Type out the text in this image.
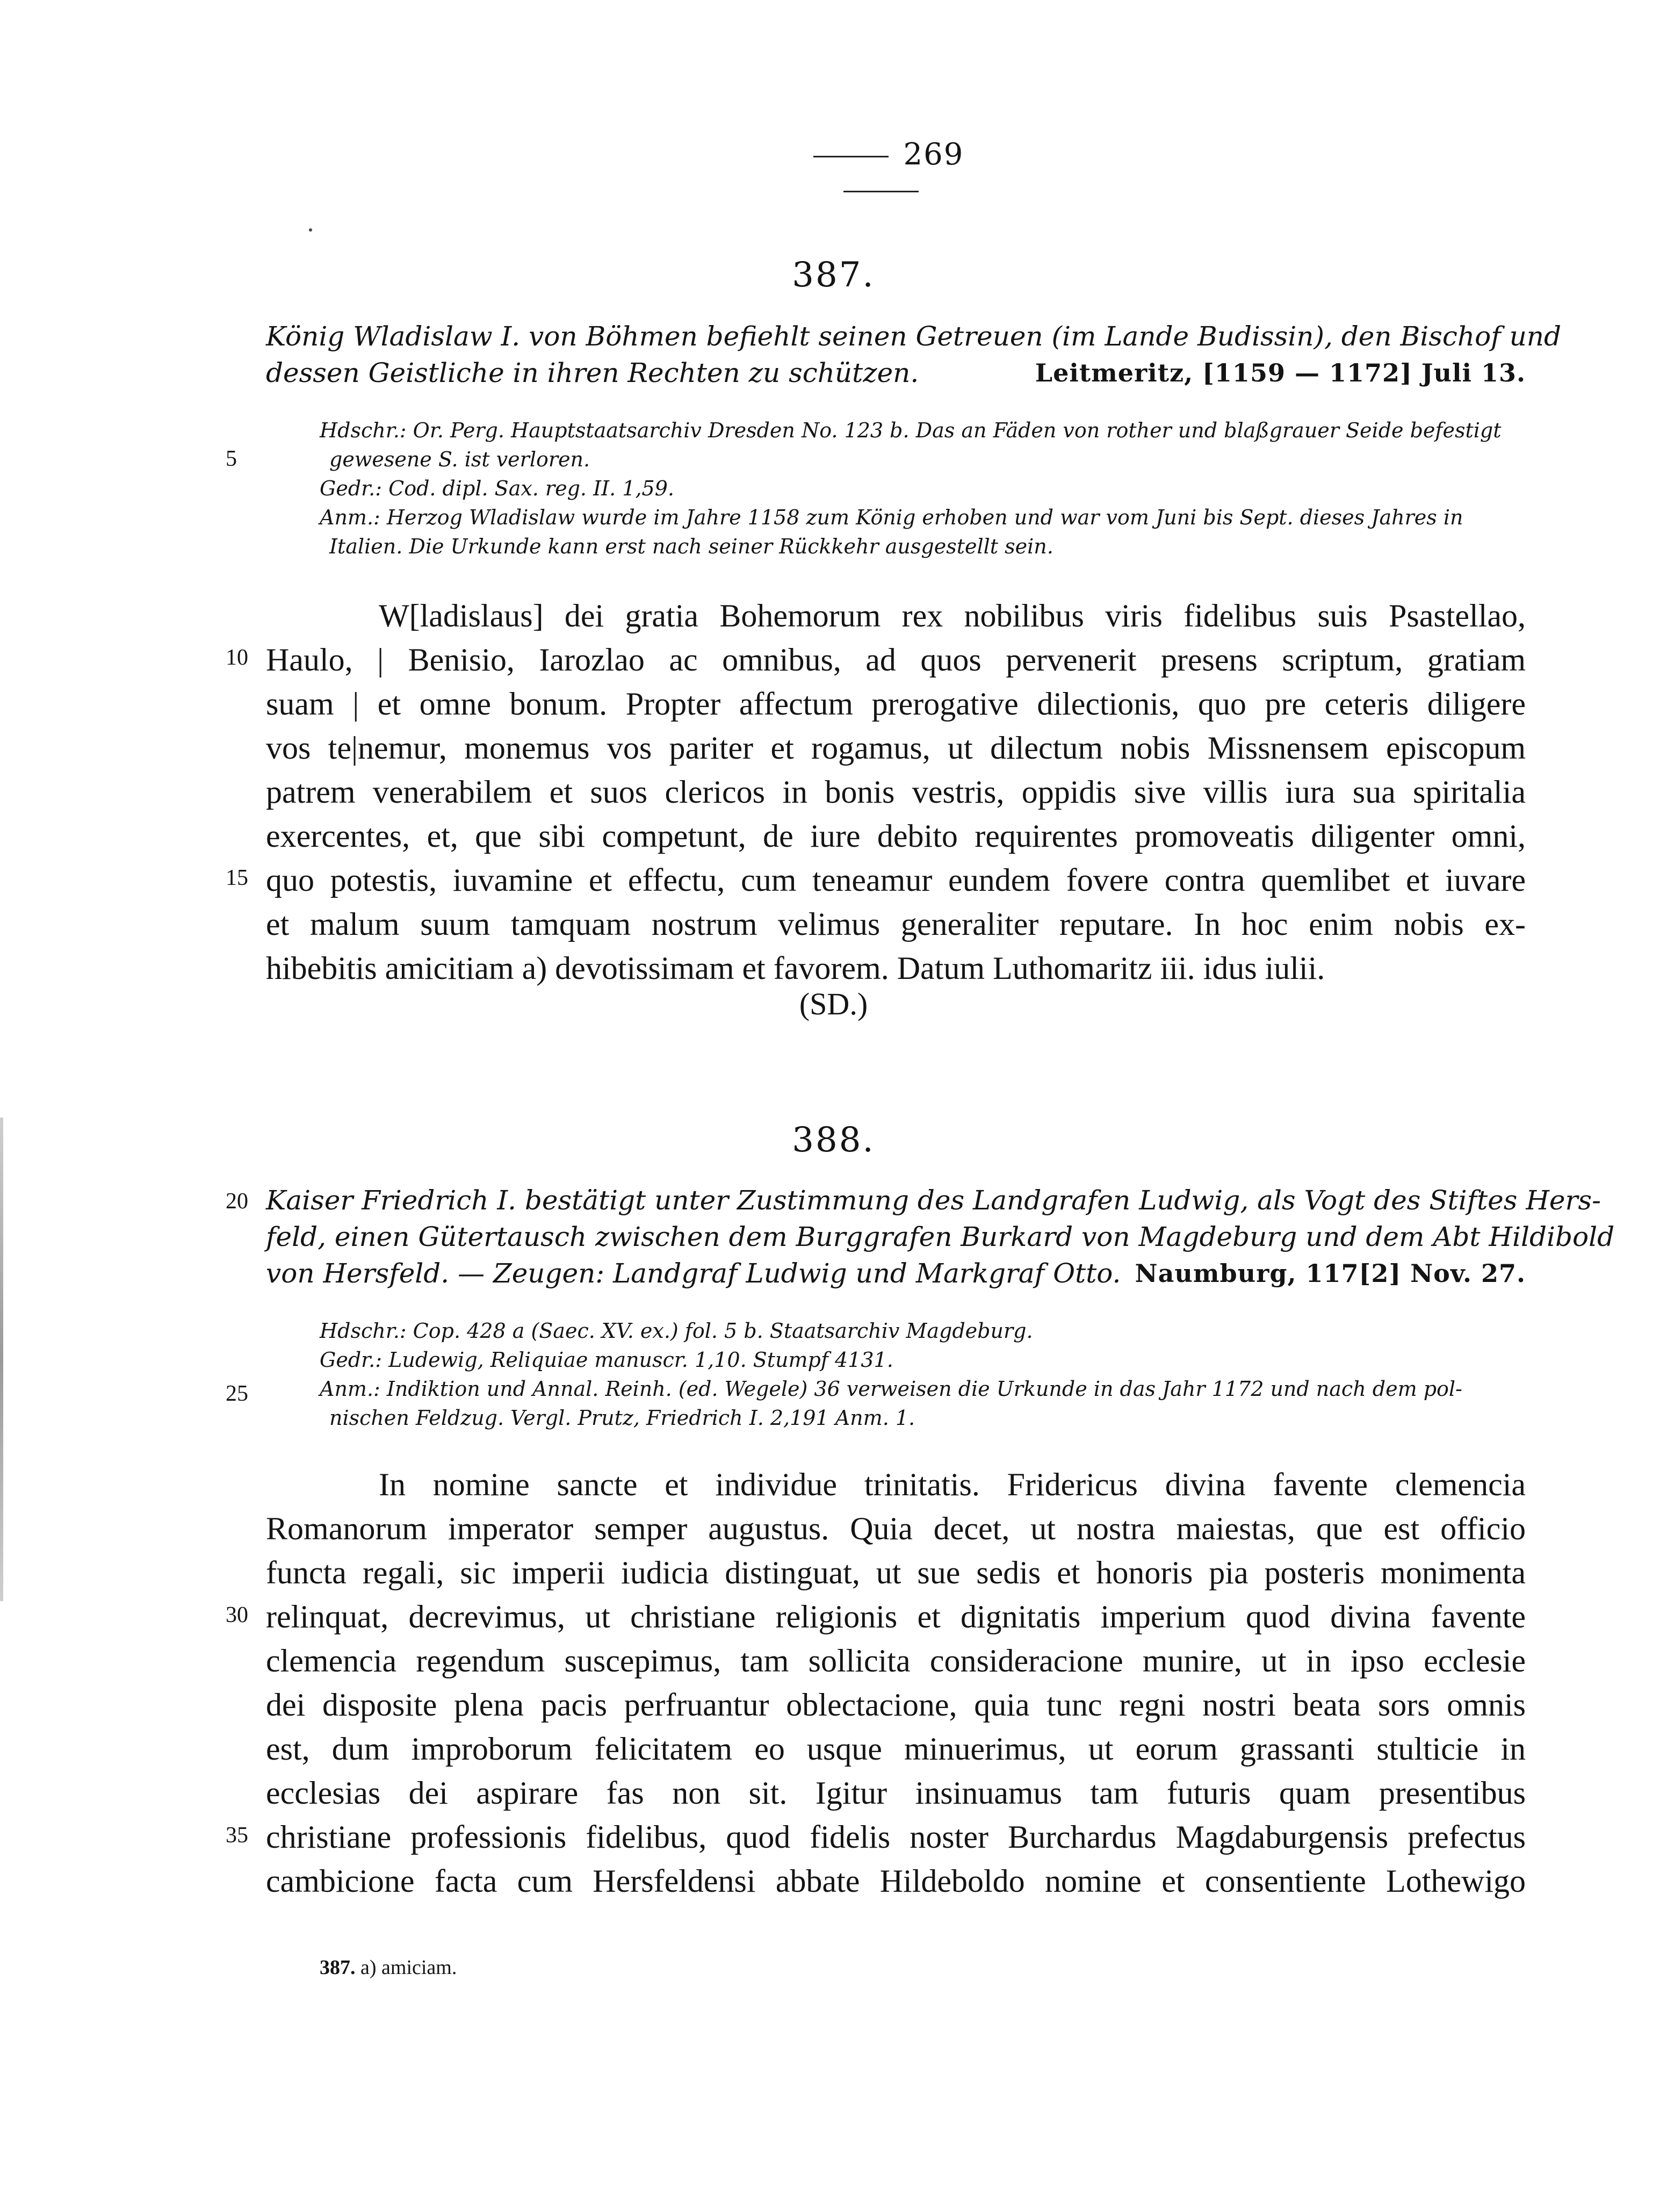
269
387.
König Wladislaw I. von Böhmen befiehlt seinen Getreuen (im Lande Budissin), den Bischof und
dessen Geistliche in ihren Rechten zu schützen.	Leitmeritz, [1159 — 1172] Juli 13.
Hdschr.: Or. Perg. Hauptstaatsarchiv Dresden No. 123 b. Das an Fäden von rother und blaßgrauer Seide befestigt
gewesene S. ist verloren.
Gedr.: Cod. dipl. Sax. reg. II. 1,59.
Anm.: Herzog Wladislaw wurde im Jahre 1158 zum König erhoben und war vom Juni bis Sept. dieses Jahres in
Italien. Die Urkunde kann erst nach seiner Rückkehr ausgestellt sein.
W[ladislaus] dei gratia Bohemorum rex nobilibus viris fidelibus suis Psastellao,
Haulo, | Benisio, Iarozlao ac omnibus, ad quos pervenerit presens scriptum, gratiam
suam | et omne bonum. Propter affectum prerogative dilectionis, quo pre ceteris diligere
vos te|nemur, monemus vos pariter et rogamus, ut dilectum nobis Missnensem episcopum
patrem venerabilem et suos clericos in bonis vestris, oppidis sive villis iura sua spiritalia
exercentes, et, que sibi competunt, de iure debito requirentes promoveatis diligenter omni,
quo potestis, iuvamine et effectu, cum teneamur eundem fovere contra quemlibet et iuvare
et malum suum tamquam nostrum velimus generaliter reputare. In hoc enim nobis ex-
hibebitis amicitiam a) devotissimam et favorem. Datum Luthomaritz iii. idus iulii.
(SD.)
388.
Kaiser Friedrich I. bestätigt unter Zustimmung des Landgrafen Ludwig, als Vogt des Stiftes Hers-
feld, einen Gütertausch zwischen dem Burggrafen Burkard von Magdeburg und dem Abt Hildibold
von Hersfeld. — Zeugen: Landgraf Ludwig und Markgraf Otto. Naumburg, 117[2] Nov. 27.
Hdschr.: Cop. 428 a (Saec. XV. ex.) fol. 5 b. Staatsarchiv Magdeburg.
Gedr.: Ludewig, Reliquiae manuscr. 1,10. Stumpf 4131.
Anm.: Indiktion und Annal. Reinh. (ed. Wegele) 36 verweisen die Urkunde in das Jahr 1172 und nach dem pol-
nischen Feldzug. Vergl. Prutz, Friedrich I. 2,191 Anm. 1.
In nomine sancte et individue trinitatis. Fridericus divina favente clemencia
Romanorum imperator semper augustus. Quia decet, ut nostra maiestas, que est officio
functa regali, sic imperii iudicia distinguat, ut sue sedis et honoris pia posteris monimenta
relinquat, decrevimus, ut christiane religionis et dignitatis imperium quod divina favente
clemencia regendum suscepimus, tam sollicita consideracione munire, ut in ipso ecclesie
dei disposite plena pacis perfruantur oblectacione, quia tunc regni nostri beata sors omnis
est, dum improborum felicitatem eo usque minuerimus, ut eorum grassanti stulticie in
ecclesias dei aspirare fas non sit. Igitur insinuamus tam futuris quam presentibus
christiane professionis fidelibus, quod fidelis noster Burchardus Magdaburgensis prefectus
cambicione facta cum Hersfeldensi abbate Hildeboldo nomine et consentiente Lothewigo
5
10
15
20
25
30
35
387. a) amiciam.
